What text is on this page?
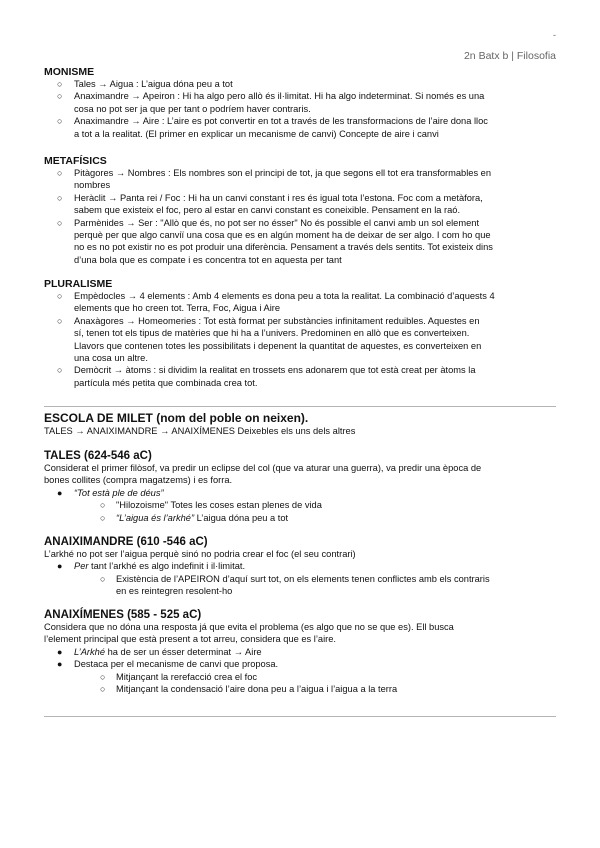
-
2n Batx b | Filosofia

MONISME

○ Tales → Aigua : L’aigua dóna peu a tot
○ Anaximandre → Apeiron : Hi ha algo pero allò és il·limitat. Hi ha algo indeterminat. Si només es una
cosa no pot ser ja que per tant o podríem haver contraris.
○ Anaximandre → Aire : L’aire es pot convertir en tot a través de les transformacions de l’aire dona lloc
a tot a la realitat. (El primer en explicar un mecanisme de canvi) Concepte de aire i canvi

METAFÍSICS

○ Pitàgores → Nombres : Els nombres son el principi de tot, ja que segons ell tot era transformables en
nombres
○ Heràclit → Panta rei / Foc : Hi ha un canvi constant i res és igual tota l’estona. Foc com a metàfora,
sabem que existeix el foc, pero al estar en canvi constant es coneixible. Pensament en la raó.
○ Parmènides → Ser : "Allò que és, no pot ser no ésser" No és possible el canvi amb un sol element
perquè per que algo canviï una cosa que es en algún moment ha de deixar de ser algo. I com ho que
no es no pot existir no es pot produir una diferència. Pensament a través dels sentits. Tot existeix dins
d’una bola que es compate i es concentra tot en aquesta per tant

PLURALISME

○ Empèdocles → 4 elements : Amb 4 elements es dona peu a tota la realitat. La combinació d’aquests 4
elements que ho creen tot. Terra, Foc, Aigua i Aire
○ Anaxàgores → Homeomeries : Tot està format per substàncies infinitament reduibles. Aquestes en
sí, tenen tot els tipus de matèries que hi ha a l’univers. Predominen en allò que es converteixen.
Llavors que contenen totes les possibilitats i depenent la quantitat de aquestes, es converteixen en
una cosa un altre.
○ Demòcrit → àtoms : si dividim la realitat en trossets ens adonarem que tot està creat per àtoms la
partícula més petita que combinada crea tot.

ESCOLA DE MILET (nom del poble on neixen).

TALES → ANAIXIMANDRE → ANAIXÍMENES Deixebles els uns dels altres

TALES (624-546 aC)

Considerat el primer filòsof, va predir un eclipse del col (que va aturar una guerra), va predir una època de

bones collites (compra magatzems) i es forra.

● “Tot està ple de déus”
○ "Hilozoisme" Totes les coses estan plenes de vida
○ “L’aigua és l’arkhé” L’aigua dóna peu a tot

ANAIXIMANDRE (610 -546 aC)

L’arkhé no pot ser l’aigua perquè sinó no podria crear el foc (el seu contrari)

● Per tant l’arkhé es algo indefinit i il·limitat.
○ Existència de l’APEIRON d’aquí surt tot, on els elements tenen conflictes amb els contraris
en es reintegren resolent-ho

ANAIXÍMENES (585 - 525 aC)

Considera que no dóna una resposta já que evita el problema (es algo que no se que es). Ell busca

l’element principal que està present a tot arreu, considera que es l’aire.

● L’Arkhé ha de ser un ésser determinat → Aire
● Destaca per el mecanisme de canvi que proposa.
○ Mitjançant la rerefacció crea el foc
○ Mitjançant la condensació l’aire dona peu a l’aigua i l’aigua a la terra
